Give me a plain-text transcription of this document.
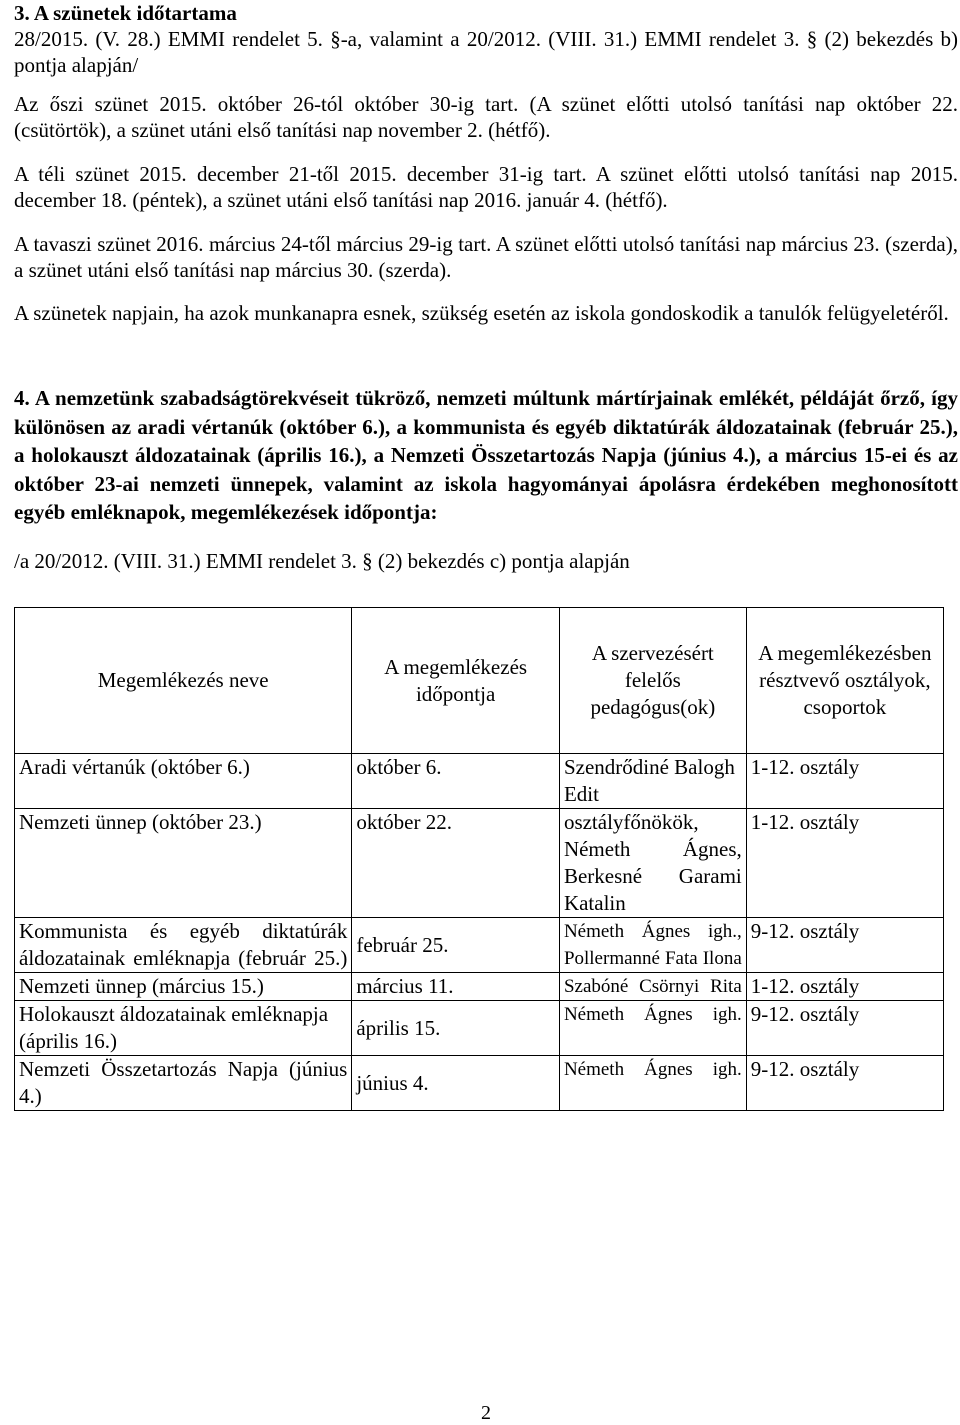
3. A szünetek időtartama

28/2015. (V. 28.) EMMI rendelet 5. §-a, valamint a 20/2012. (VIII. 31.) EMMI rendelet 3. § (2) bekezdés b) pontja alapján/

Az őszi szünet 2015. október 26-tól október 30-ig tart. (A szünet előtti utolsó tanítási nap október 22. (csütörtök), a szünet utáni első tanítási nap november 2. (hétfő).

A téli szünet 2015. december 21-től 2015. december 31-ig tart. A szünet előtti utolsó tanítási nap 2015. december 18. (péntek), a szünet utáni első tanítási nap 2016. január 4. (hétfő).

A tavaszi szünet 2016. március 24-től március 29-ig tart. A szünet előtti utolsó tanítási nap március 23. (szerda), a szünet utáni első tanítási nap március 30. (szerda).

A szünetek napjain, ha azok munkanapra esnek, szükség esetén az iskola gondoskodik a tanulók felügyeletéről.

4. A nemzetünk szabadságtörekvéseit tükröző, nemzeti múltunk mártírjainak emlékét, példáját őrző, így különösen az aradi vértanúk (október 6.), a kommunista és egyéb diktatúrák áldozatainak (február 25.), a holokauszt áldozatainak (április 16.), a Nemzeti Összetartozás Napja (június 4.), a március 15-ei és az október 23-ai nemzeti ünnepek, valamint az iskola hagyományai ápolásra érdekében meghonosított egyéb emléknapok, megemlékezések időpontja:

/a 20/2012. (VIII. 31.) EMMI rendelet 3. § (2) bekezdés c) pontja alapján

Megemlékezés neve	A megemlékezés időpontja	A szervezésért felelős pedagógus(ok)	A megemlékezésben résztvevő osztályok, csoportok
Aradi vértanúk (október 6.)	október 6.	Szendrődiné Balogh Edit	1-12. osztály
Nemzeti ünnep (október 23.)	október 22.	osztályfőnökök, Németh Ágnes, Berkesné Garami Katalin	1-12. osztály
Kommunista és egyéb diktatúrák áldozatainak emléknapja (február 25.)	február 25.	Németh Ágnes igh., Pollermanné Fata Ilona	9-12. osztály
Nemzeti ünnep (március 15.)	március 11.	Szabóné Csörnyi Rita	1-12. osztály
Holokauszt áldozatainak emléknapja (április 16.)	április 15.	Németh Ágnes igh.	9-12. osztály
Nemzeti Összetartozás Napja (június 4.)	június 4.	Németh Ágnes igh.	9-12. osztály
2
